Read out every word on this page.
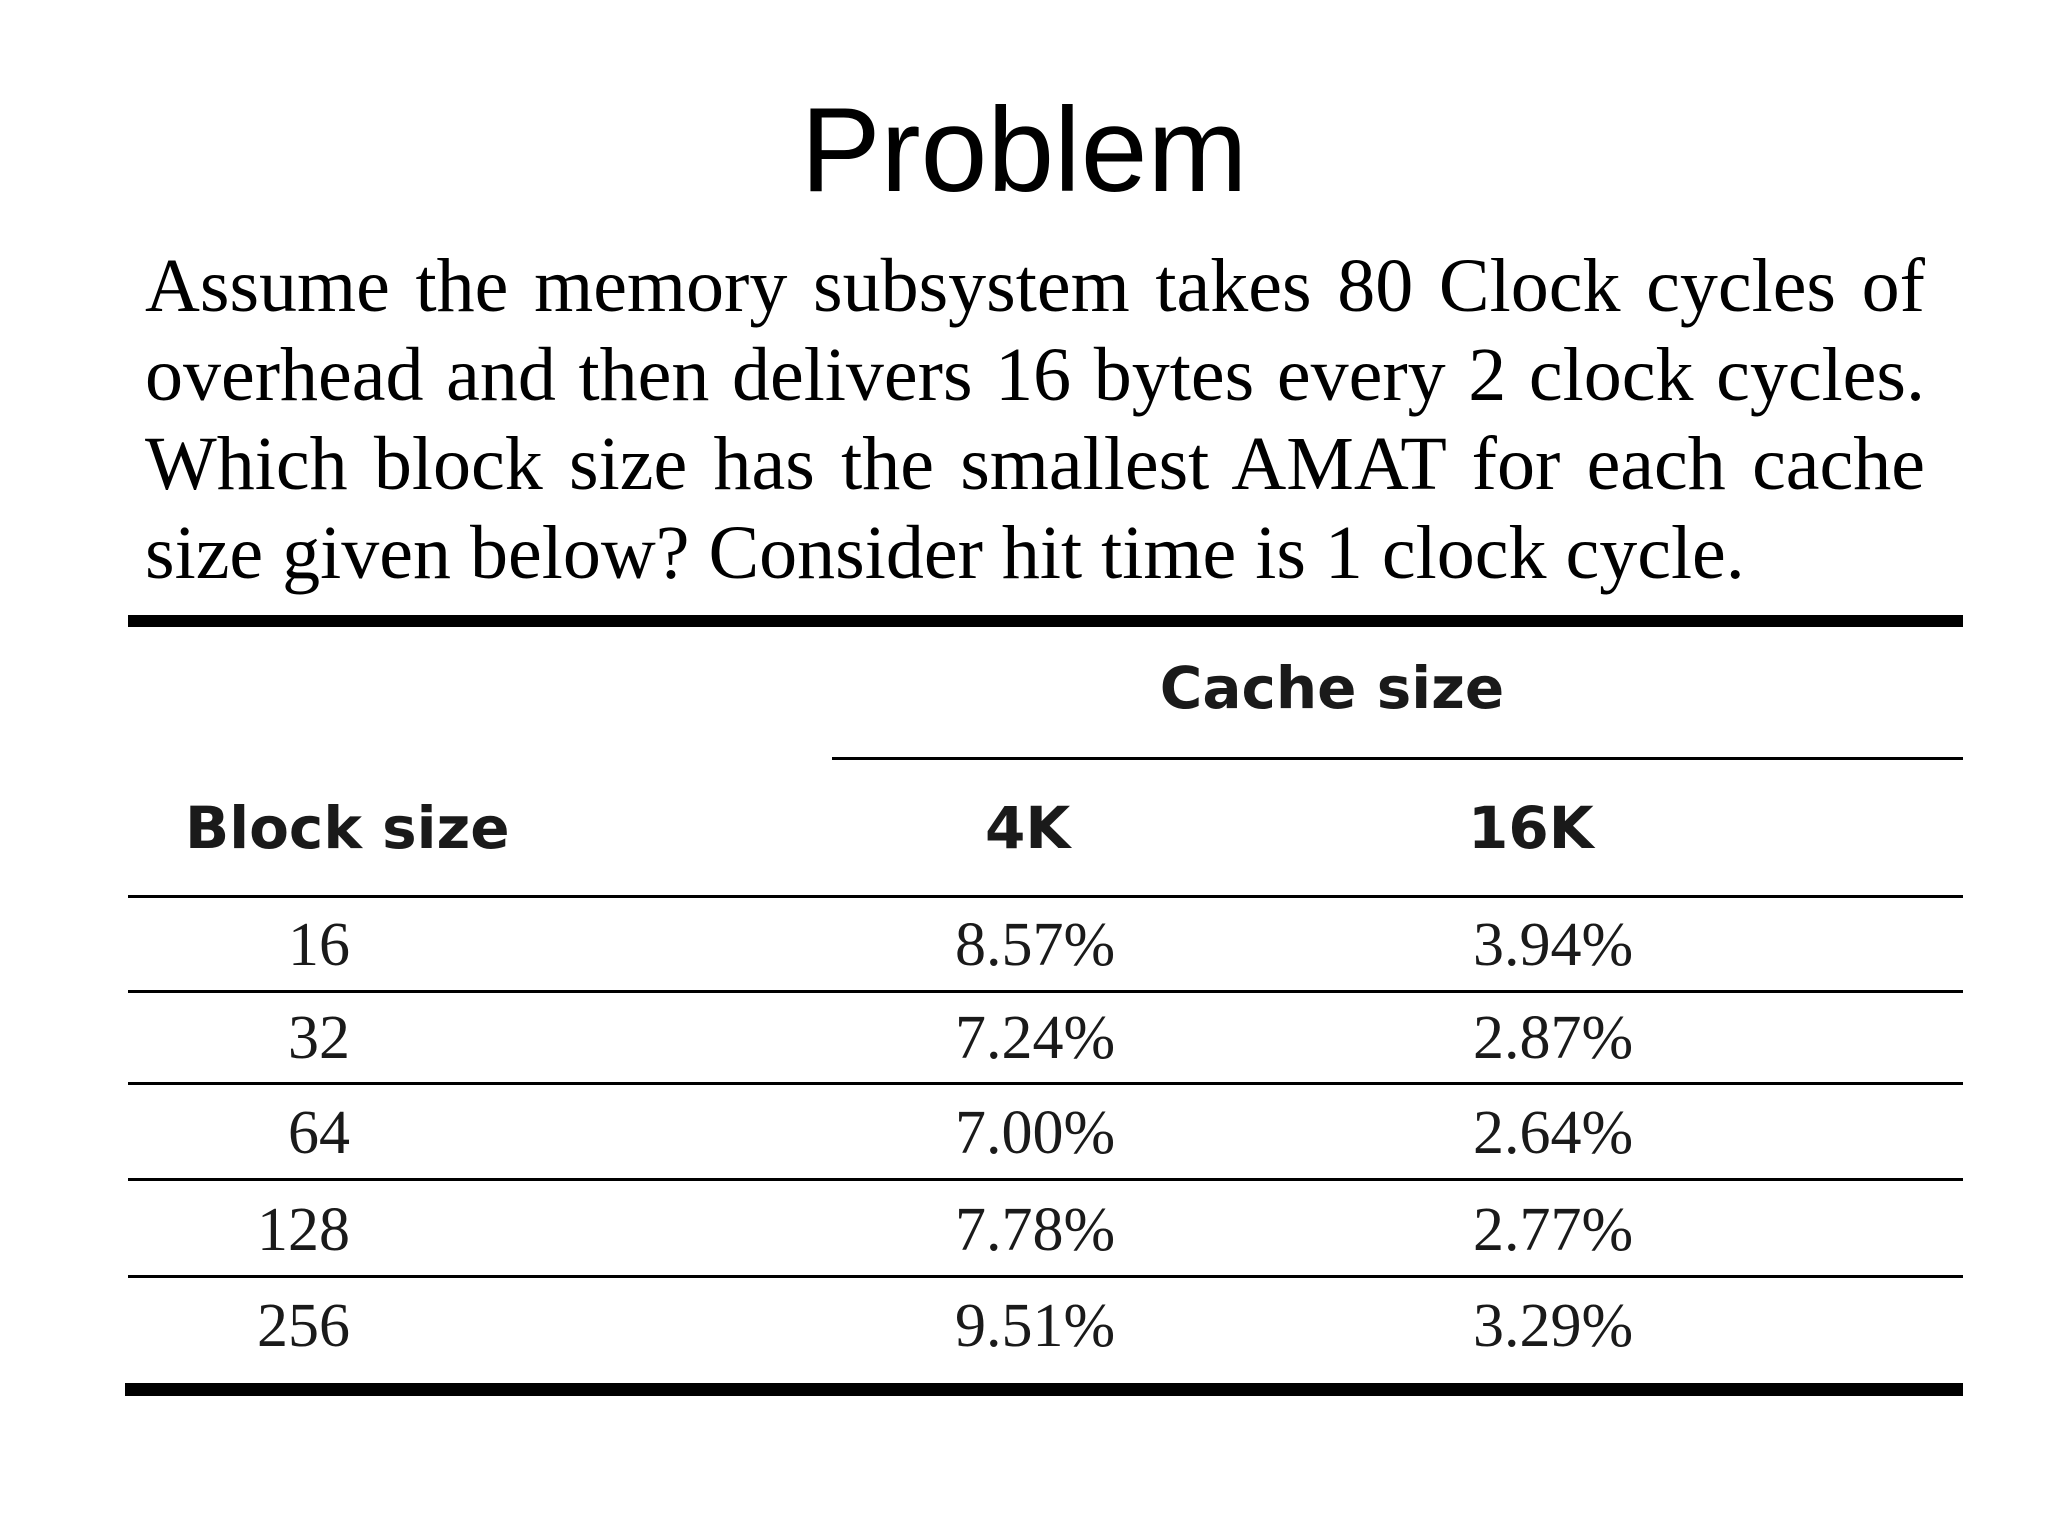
Problem
Assume the memory subsystem takes 80 Clock cycles of
overhead and then delivers 16 bytes every 2 clock cycles.
Which block size has the smallest AMAT for each cache
size given below? Consider hit time is 1 clock cycle.
Cache size
Block size	4K	16K
16	8.57%	3.94%
32	7.24%	2.87%
64	7.00%	2.64%
128	7.78%	2.77%
256	9.51%	3.29%
